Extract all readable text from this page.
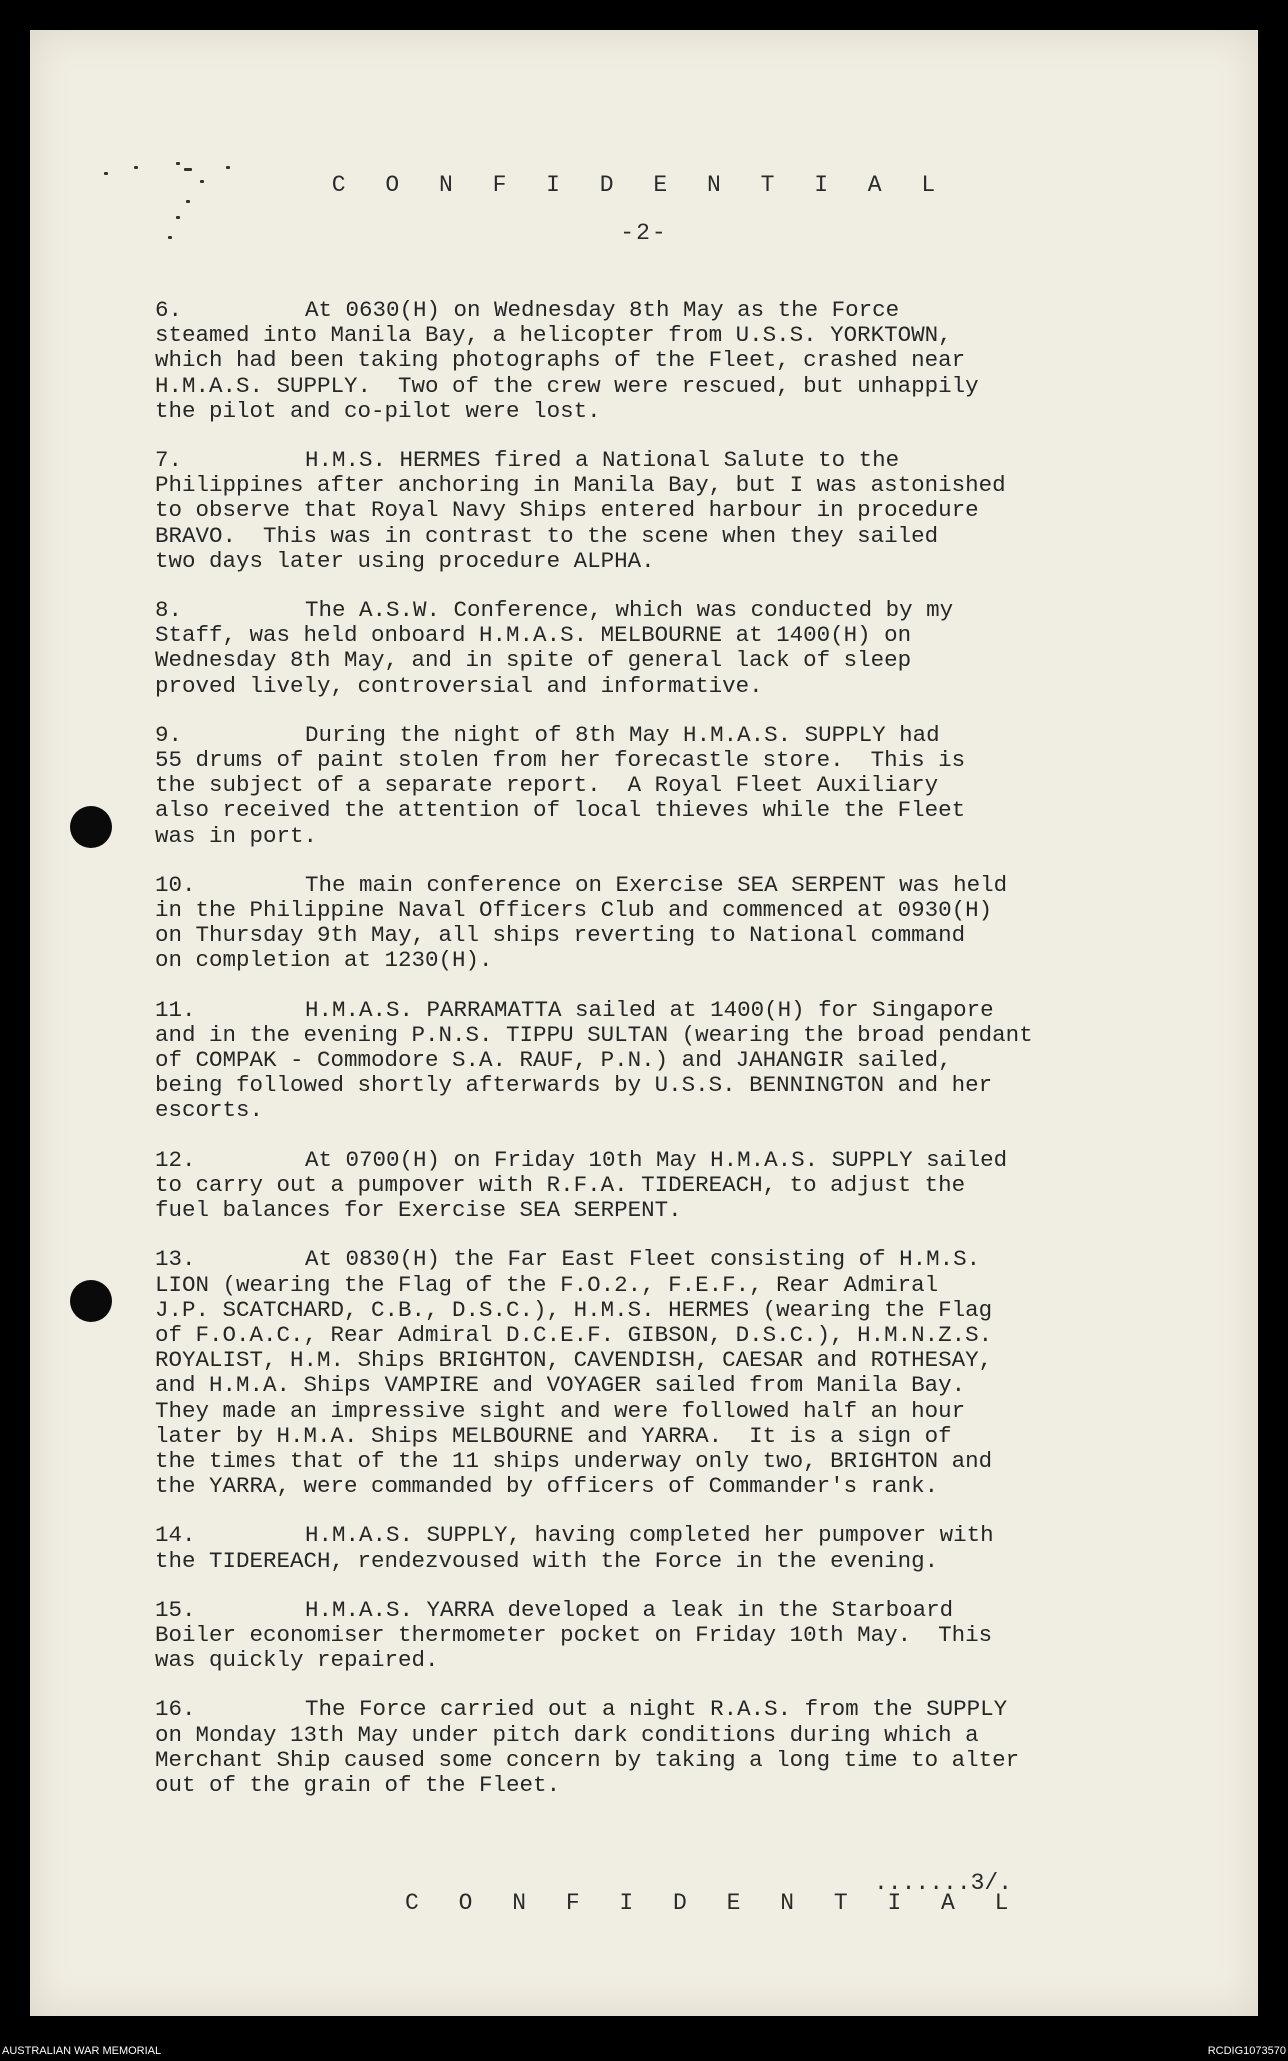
C O N F I D E N T I A L
-2-
6.	At 0630(H) on Wednesday 8th May as the Force
steamed into Manila Bay, a helicopter from U.S.S. YORKTOWN,
which had been taking photographs of the Fleet, crashed near
H.M.A.S. SUPPLY.  Two of the crew were rescued, but unhappily
the pilot and co-pilot were lost.
7.	H.M.S. HERMES fired a National Salute to the
Philippines after anchoring in Manila Bay, but I was astonished
to observe that Royal Navy Ships entered harbour in procedure
BRAVO.  This was in contrast to the scene when they sailed
two days later using procedure ALPHA.
8.	The A.S.W. Conference, which was conducted by my
Staff, was held onboard H.M.A.S. MELBOURNE at 1400(H) on
Wednesday 8th May, and in spite of general lack of sleep
proved lively, controversial and informative.
9.	During the night of 8th May H.M.A.S. SUPPLY had
55 drums of paint stolen from her forecastle store.  This is
the subject of a separate report.  A Royal Fleet Auxiliary
also received the attention of local thieves while the Fleet
was in port.
10.	The main conference on Exercise SEA SERPENT was held
in the Philippine Naval Officers Club and commenced at 0930(H)
on Thursday 9th May, all ships reverting to National command
on completion at 1230(H).
11.	H.M.A.S. PARRAMATTA sailed at 1400(H) for Singapore
and in the evening P.N.S. TIPPU SULTAN (wearing the broad pendant
of COMPAK - Commodore S.A. RAUF, P.N.) and JAHANGIR sailed,
being followed shortly afterwards by U.S.S. BENNINGTON and her
escorts.
12.	At 0700(H) on Friday 10th May H.M.A.S. SUPPLY sailed
to carry out a pumpover with R.F.A. TIDEREACH, to adjust the
fuel balances for Exercise SEA SERPENT.
13.	At 0830(H) the Far East Fleet consisting of H.M.S.
LION (wearing the Flag of the F.O.2., F.E.F., Rear Admiral
J.P. SCATCHARD, C.B., D.S.C.), H.M.S. HERMES (wearing the Flag
of F.O.A.C., Rear Admiral D.C.E.F. GIBSON, D.S.C.), H.M.N.Z.S.
ROYALIST, H.M. Ships BRIGHTON, CAVENDISH, CAESAR and ROTHESAY,
and H.M.A. Ships VAMPIRE and VOYAGER sailed from Manila Bay.
They made an impressive sight and were followed half an hour
later by H.M.A. Ships MELBOURNE and YARRA.  It is a sign of
the times that of the 11 ships underway only two, BRIGHTON and
the YARRA, were commanded by officers of Commander's rank.
14.	H.M.A.S. SUPPLY, having completed her pumpover with
the TIDEREACH, rendezvoused with the Force in the evening.
15.	H.M.A.S. YARRA developed a leak in the Starboard
Boiler economiser thermometer pocket on Friday 10th May.  This
was quickly repaired.
16.	The Force carried out a night R.A.S. from the SUPPLY
on Monday 13th May under pitch dark conditions during which a
Merchant Ship caused some concern by taking a long time to alter
out of the grain of the Fleet.
.......3/.
C O N F I D E N T I A L
AUSTRALIAN WAR MEMORIAL	RCDIG1073570
